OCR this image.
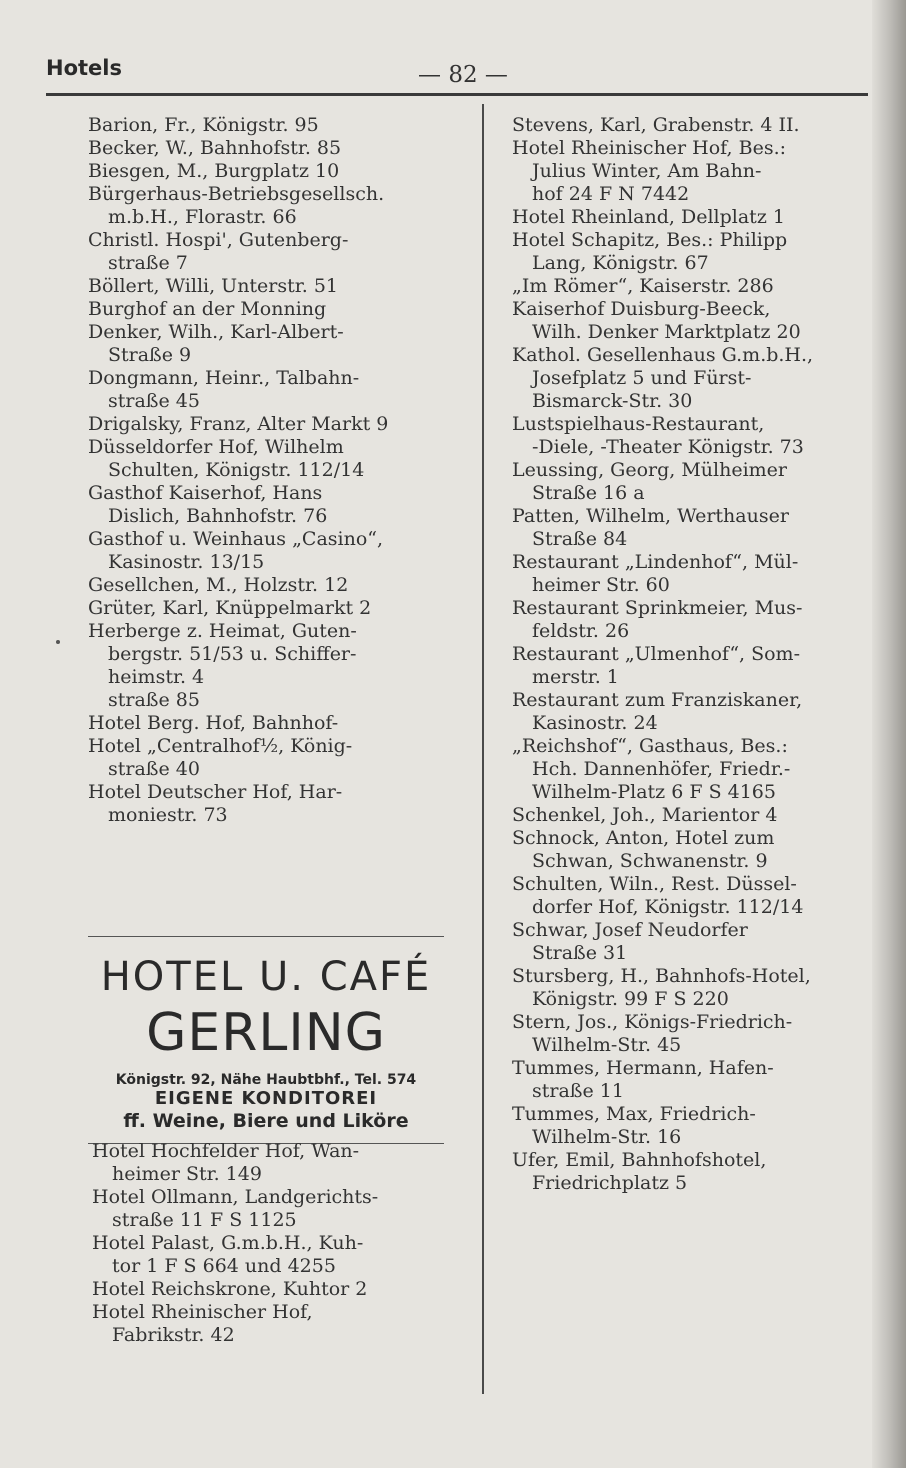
Hotels	— 82 —
Barion, Fr., Königstr. 95
Becker, W., Bahnhofstr. 85
Biesgen, M., Burgplatz 10
Bürgerhaus-Betriebsgesellsch.
m.b.H., Florastr. 66
Christl. Hospi', Gutenberg-
straße 7
Böllert, Willi, Unterstr. 51
Burghof an der Monning
Denker, Wilh., Karl-Albert-
Straße 9
Dongmann, Heinr., Talbahn-
straße 45
Drigalsky, Franz, Alter Markt 9
Düsseldorfer Hof, Wilhelm
Schulten, Königstr. 112/14
Gasthof Kaiserhof, Hans
Dislich, Bahnhofstr. 76
Gasthof u. Weinhaus „Casino“,
Kasinostr. 13/15
Gesellchen, M., Holzstr. 12
Grüter, Karl, Knüppelmarkt 2
Herberge z. Heimat, Guten-
bergstr. 51/53 u. Schiffer-
heimstr. 4
straße 85
Hotel Berg. Hof, Bahnhof-
Hotel „Centralhof½, König-
straße 40
Hotel Deutscher Hof, Har-
moniestr. 73
HOTEL U. CAFÉ
GERLING
Königstr. 92, Nähe Haubtbhf., Tel. 574
EIGENE KONDITOREI
ff. Weine, Biere und Liköre
Hotel Hochfelder Hof, Wan-
heimer Str. 149
Hotel Ollmann, Landgerichts-
straße 11 F S 1125
Hotel Palast, G.m.b.H., Kuh-
tor 1 F S 664 und 4255
Hotel Reichskrone, Kuhtor 2
Hotel Rheinischer Hof,
Fabrikstr. 42
Stevens, Karl, Grabenstr. 4 II.
Hotel Rheinischer Hof, Bes.:
Julius Winter, Am Bahn-
hof 24 F N 7442
Hotel Rheinland, Dellplatz 1
Hotel Schapitz, Bes.: Philipp
Lang, Königstr. 67
„Im Römer“, Kaiserstr. 286
Kaiserhof Duisburg-Beeck,
Wilh. Denker Marktplatz 20
Kathol. Gesellenhaus G.m.b.H.,
Josefplatz 5 und Fürst-
Bismarck-Str. 30
Lustspielhaus-Restaurant,
-Diele, -Theater Königstr. 73
Leussing, Georg, Mülheimer
Straße 16 a
Patten, Wilhelm, Werthauser
Straße 84
Restaurant „Lindenhof“, Mül-
heimer Str. 60
Restaurant Sprinkmeier, Mus-
feldstr. 26
Restaurant „Ulmenhof“, Som-
merstr. 1
Restaurant zum Franziskaner,
Kasinostr. 24
„Reichshof“, Gasthaus, Bes.:
Hch. Dannenhöfer, Friedr.-
Wilhelm-Platz 6 F S 4165
Schenkel, Joh., Marientor 4
Schnock, Anton, Hotel zum
Schwan, Schwanenstr. 9
Schulten, Wiln., Rest. Düssel-
dorfer Hof, Königstr. 112/14
Schwar, Josef Neudorfer
Straße 31
Stursberg, H., Bahnhofs-Hotel,
Königstr. 99 F S 220
Stern, Jos., Königs-Friedrich-
Wilhelm-Str. 45
Tummes, Hermann, Hafen-
straße 11
Tummes, Max, Friedrich-
Wilhelm-Str. 16
Ufer, Emil, Bahnhofshotel,
Friedrichplatz 5
